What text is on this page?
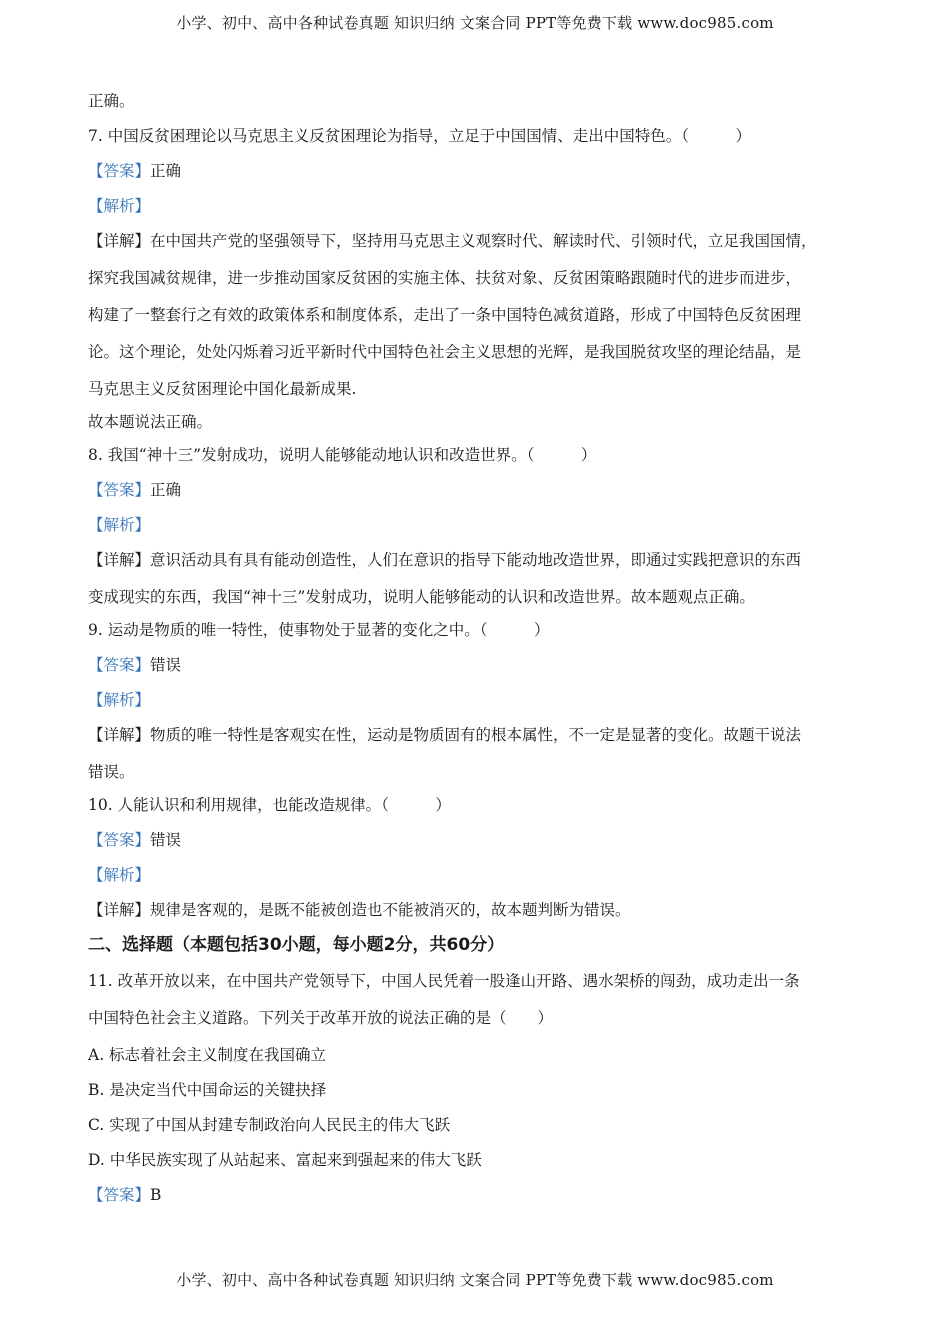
小学、初中、高中各种试卷真题 知识归纳 文案合同 PPT等免费下载 www.doc985.com
正确。
7. 中国反贫困理论以马克思主义反贫困理论为指导，立足于中国国情、走出中国特色。（　　　）
【答案】正确
【解析】
【详解】在中国共产党的坚强领导下，坚持用马克思主义观察时代、解读时代、引领时代，立足我国国情，
探究我国减贫规律，进一步推动国家反贫困的实施主体、扶贫对象、反贫困策略跟随时代的进步而进步，
构建了一整套行之有效的政策体系和制度体系，走出了一条中国特色减贫道路，形成了中国特色反贫困理
论。这个理论，处处闪烁着习近平新时代中国特色社会主义思想的光辉，是我国脱贫攻坚的理论结晶，是
马克思主义反贫困理论中国化最新成果.
故本题说法正确。
8. 我国“神十三”发射成功，说明人能够能动地认识和改造世界。（　　　）
【答案】正确
【解析】
【详解】意识活动具有具有能动创造性，人们在意识的指导下能动地改造世界，即通过实践把意识的东西
变成现实的东西，我国“神十三”发射成功，说明人能够能动的认识和改造世界。故本题观点正确。
9. 运动是物质的唯一特性，使事物处于显著的变化之中。（　　　）
【答案】错误
【解析】
【详解】物质的唯一特性是客观实在性，运动是物质固有的根本属性，不一定是显著的变化。故题干说法
错误。
10. 人能认识和利用规律，也能改造规律。（　　　）
【答案】错误
【解析】
【详解】规律是客观的，是既不能被创造也不能被消灭的，故本题判断为错误。
二、选择题（本题包括30小题，每小题2分，共60分）
11. 改革开放以来，在中国共产党领导下，中国人民凭着一股逢山开路、遇水架桥的闯劲，成功走出一条
中国特色社会主义道路。下列关于改革开放的说法正确的是（　　）
A. 标志着社会主义制度在我国确立
B. 是决定当代中国命运的关键抉择
C. 实现了中国从封建专制政治向人民民主的伟大飞跃
D. 中华民族实现了从站起来、富起来到强起来的伟大飞跃
【答案】B
小学、初中、高中各种试卷真题 知识归纳 文案合同 PPT等免费下载 www.doc985.com
